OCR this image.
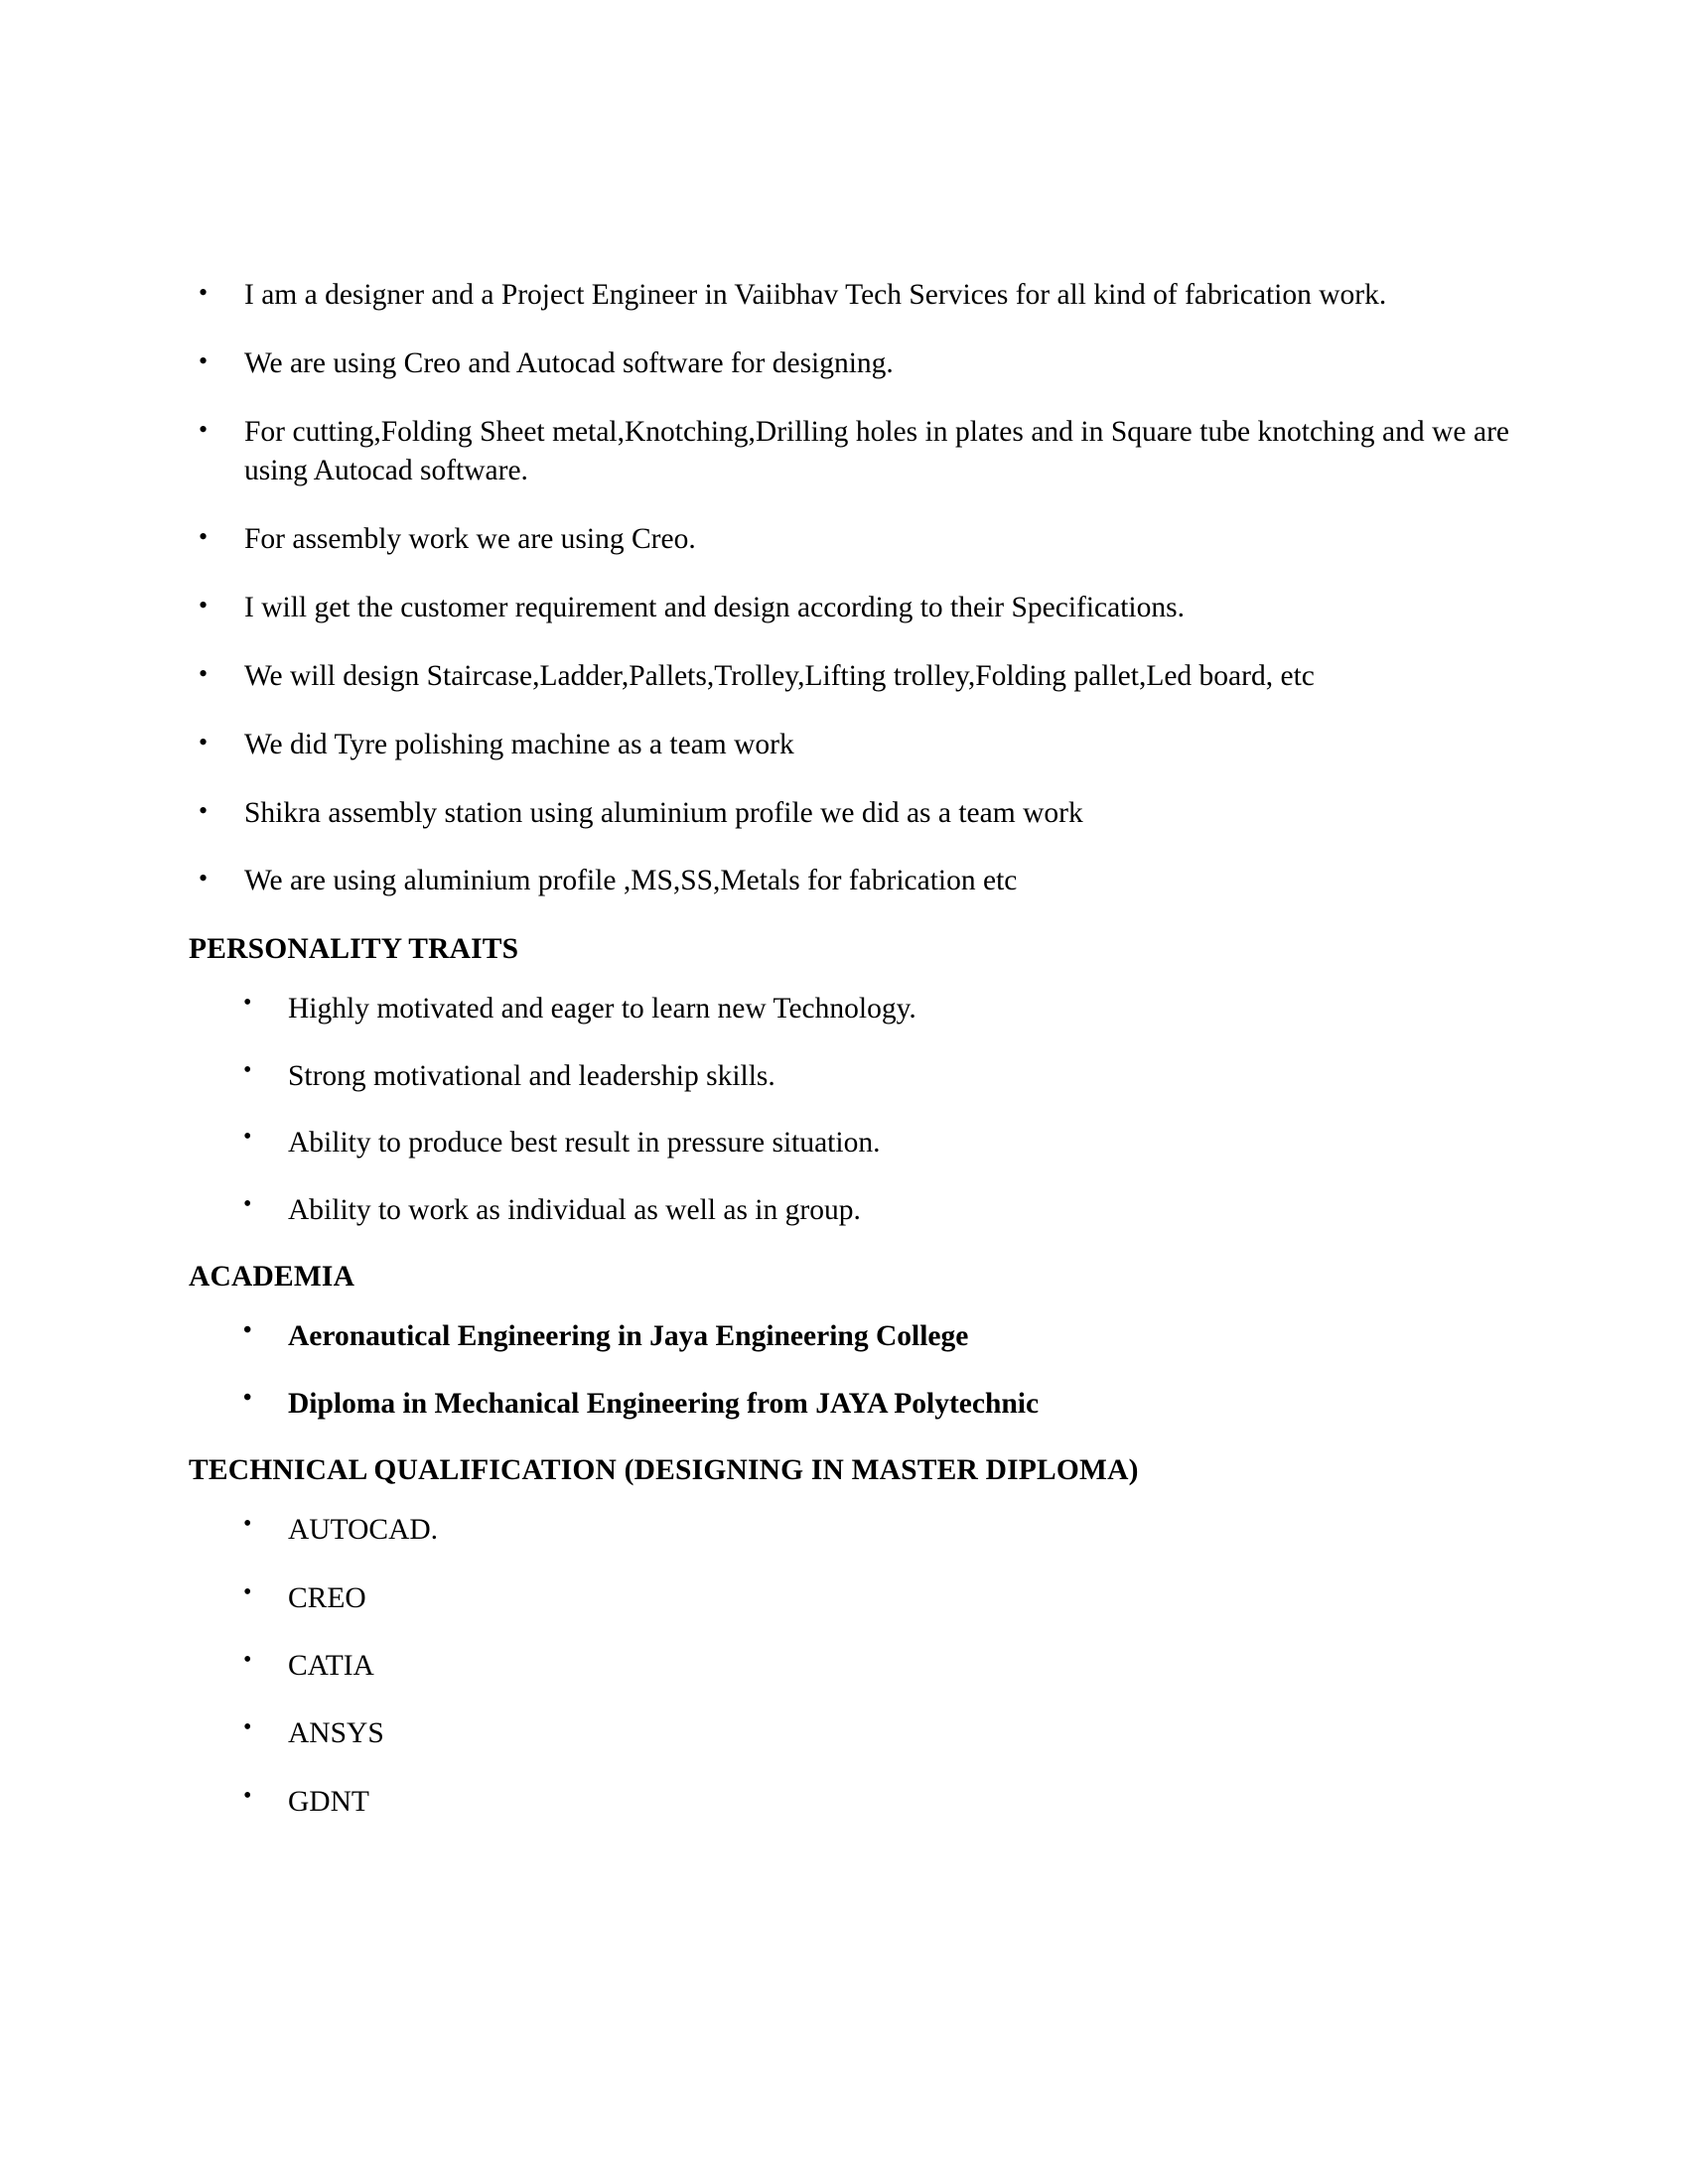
• I am a designer and a Project Engineer in Vaiibhav Tech Services for all kind of fabrication work.
• We are using Creo and Autocad software for designing.
• For cutting,Folding Sheet metal,Knotching,Drilling holes in plates and in Square tube knotching and we are using Autocad software.
• For assembly work we are using Creo.
• I will get the customer requirement and design according to their Specifications.
• We will design Staircase,Ladder,Pallets,Trolley,Lifting trolley,Folding pallet,Led board, etc
• We did Tyre polishing machine as a team work
• Shikra assembly station using aluminium profile we did as a team work
• We are using aluminium profile ,MS,SS,Metals for fabrication etc
PERSONALITY TRAITS
• Highly motivated and eager to learn new Technology.
• Strong motivational and leadership skills.
• Ability to produce best result in pressure situation.
• Ability to work as individual as well as in group.
ACADEMIA
• Aeronautical Engineering in Jaya Engineering College
• Diploma in Mechanical Engineering from JAYA Polytechnic
TECHNICAL QUALIFICATION (DESIGNING IN MASTER DIPLOMA)
• AUTOCAD.
• CREO
• CATIA
• ANSYS
• GDNT
